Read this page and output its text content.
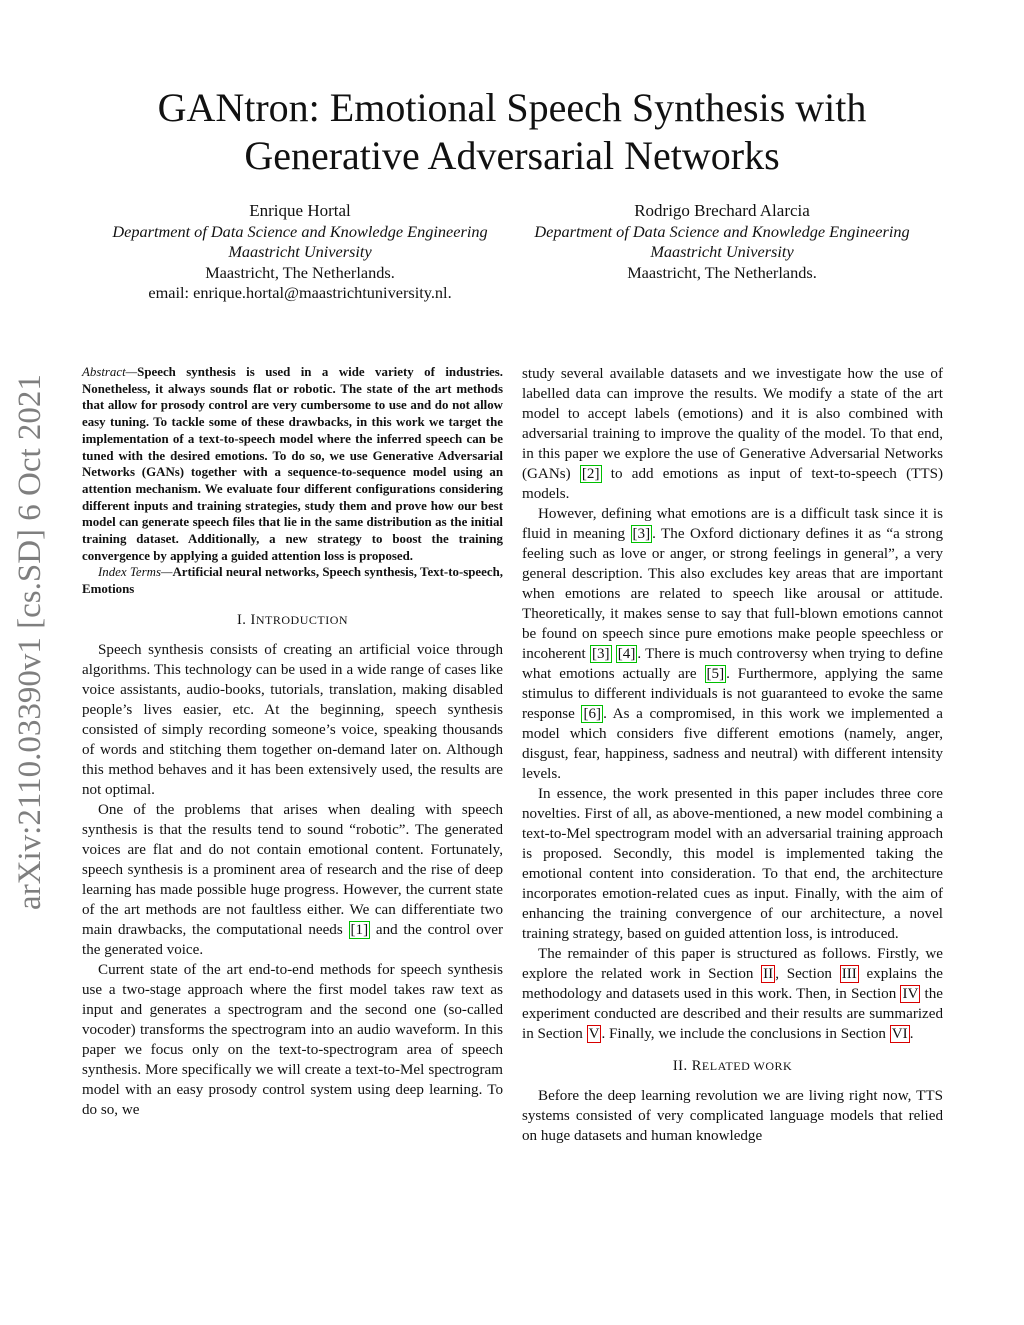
GANtron: Emotional Speech Synthesis with
Generative Adversarial Networks
Enrique Hortal
Department of Data Science and Knowledge Engineering
Maastricht University
Maastricht, The Netherlands.
email: enrique.hortal@maastrichtuniversity.nl.
Rodrigo Brechard Alarcia
Department of Data Science and Knowledge Engineering
Maastricht University
Maastricht, The Netherlands.
arXiv:2110.03390v1 [cs.SD] 6 Oct 2021

Abstract—Speech synthesis is used in a wide variety of industries. Nonetheless, it always sounds flat or robotic. The state of the art methods that allow for prosody control are very cumbersome to use and do not allow easy tuning. To tackle some of these drawbacks, in this work we target the implementation of a text-to-speech model where the inferred speech can be tuned with the desired emotions. To do so, we use Generative Adversarial Networks (GANs) together with a sequence-to-sequence model using an attention mechanism. We evaluate four different configurations considering different inputs and training strategies, study them and prove how our best model can generate speech files that lie in the same distribution as the initial training dataset. Additionally, a new strategy to boost the training convergence by applying a guided attention loss is proposed.

Index Terms—Artificial neural networks, Speech synthesis, Text-to-speech, Emotions

I. INTRODUCTION

Speech synthesis consists of creating an artificial voice through algorithms. This technology can be used in a wide range of cases like voice assistants, audio-books, tutorials, translation, making disabled people’s lives easier, etc. At the beginning, speech synthesis consisted of simply recording someone’s voice, speaking thousands of words and stitching them together on-demand later on. Although this method behaves and it has been extensively used, the results are not optimal.

One of the problems that arises when dealing with speech synthesis is that the results tend to sound “robotic”. The generated voices are flat and do not contain emotional content. Fortunately, speech synthesis is a prominent area of research and the rise of deep learning has made possible huge progress. However, the current state of the art methods are not faultless either. We can differentiate two main drawbacks, the computational needs [1] and the control over the generated voice.

Current state of the art end-to-end methods for speech synthesis use a two-stage approach where the first model takes raw text as input and generates a spectrogram and the second one (so-called vocoder) transforms the spectrogram into an audio waveform. In this paper we focus only on the text-to-spectrogram area of speech synthesis. More specifically we will create a text-to-Mel spectrogram model with an easy prosody control system using deep learning. To do so, we

study several available datasets and we investigate how the use of labelled data can improve the results. We modify a state of the art model to accept labels (emotions) and it is also combined with adversarial training to improve the quality of the model. To that end, in this paper we explore the use of Generative Adversarial Networks (GANs) [2] to add emotions as input of text-to-speech (TTS) models.

However, defining what emotions are is a difficult task since it is fluid in meaning [3] . The Oxford dictionary defines it as “a strong feeling such as love or anger, or strong feelings in general”, a very general description. This also excludes key areas that are important when emotions are related to speech like arousal or attitude. Theoretically, it makes sense to say that full-blown emotions cannot be found on speech since pure emotions make people speechless or incoherent [3] [4] . There is much controversy when trying to define what emotions actually are [5] . Furthermore, applying the same stimulus to different individuals is not guaranteed to evoke the same response [6] . As a compromised, in this work we implemented a model which considers five different emotions (namely, anger, disgust, fear, happiness, sadness and neutral) with different intensity levels.

In essence, the work presented in this paper includes three core novelties. First of all, as above-mentioned, a new model combining a text-to-Mel spectrogram model with an adversarial training approach is proposed. Secondly, this model is implemented taking the emotional content into consideration. To that end, the architecture incorporates emotion-related cues as input. Finally, with the aim of enhancing the training convergence of our architecture, a novel training strategy, based on guided attention loss, is introduced.

The remainder of this paper is structured as follows. Firstly, we explore the related work in Section II , Section III explains the methodology and datasets used in this work. Then, in Section IV the experiment conducted are described and their results are summarized in Section V . Finally, we include the conclusions in Section VI .

II. RELATED WORK

Before the deep learning revolution we are living right now, TTS systems consisted of very complicated language models that relied on huge datasets and human knowledge
